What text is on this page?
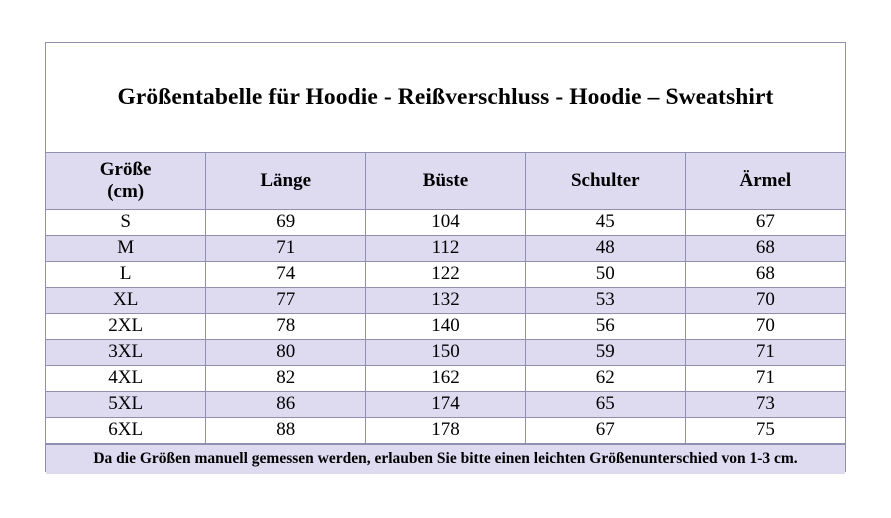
Größentabelle für Hoodie - Reißverschluss - Hoodie – Sweatshirt
Größe
(cm)	Länge	Büste	Schulter	Ärmel
S	69	104	45	67
M	71	112	48	68
L	74	122	50	68
XL	77	132	53	70
2XL	78	140	56	70
3XL	80	150	59	71
4XL	82	162	62	71
5XL	86	174	65	73
6XL	88	178	67	75
Da die Größen manuell gemessen werden, erlauben Sie bitte einen leichten Größenunterschied von 1-3 cm.
